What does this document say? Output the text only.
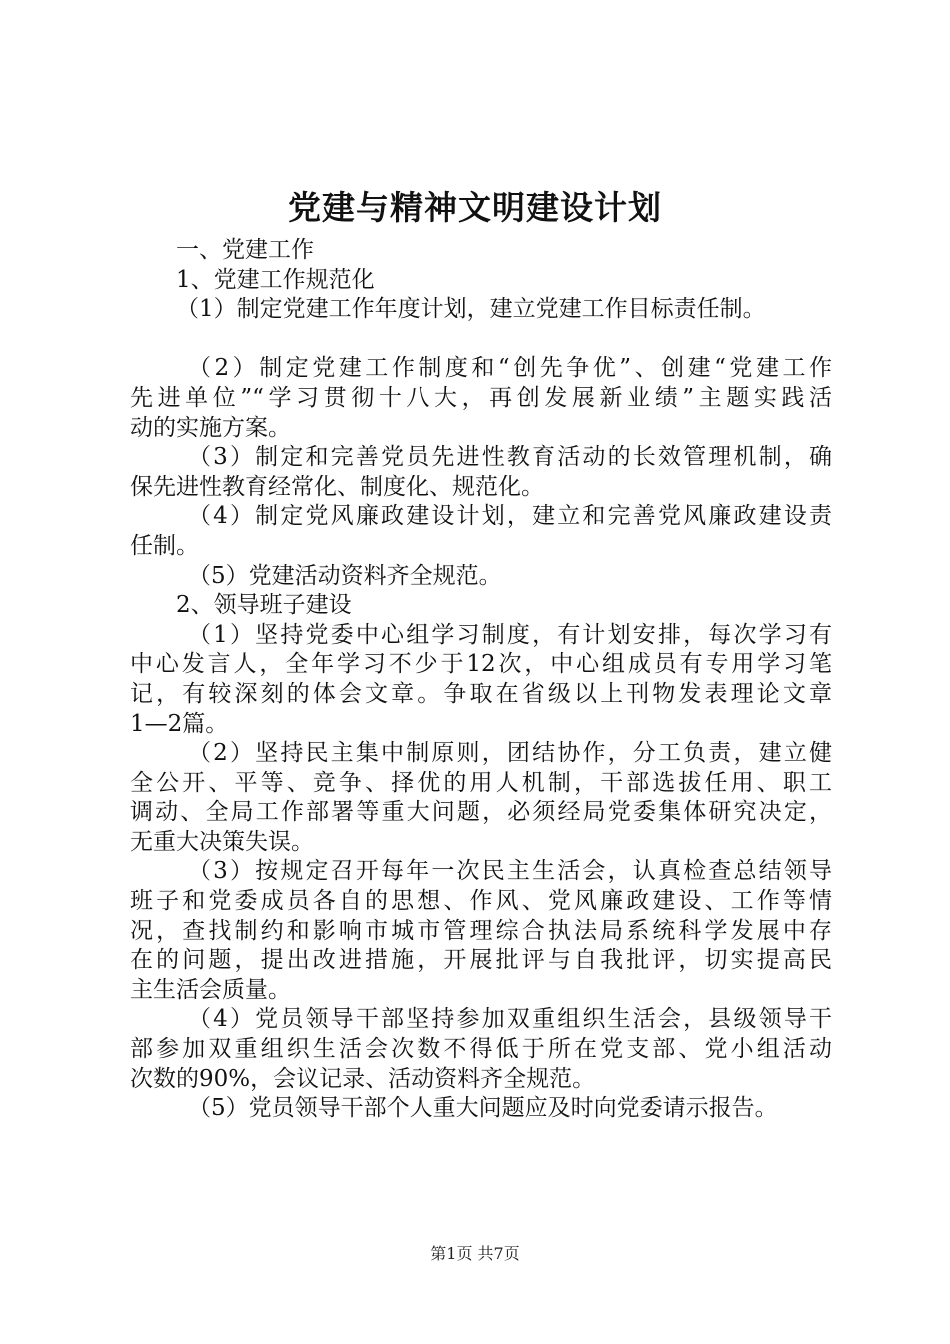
党建与精神文明建设计划
一、党建工作
1、党建工作规范化
（1）制定党建工作年度计划，建立党建工作目标责任制。
（2）制定党建工作制度和“创先争优”、创建“党建工作
先进单位”“学习贯彻十八大，再创发展新业绩”主题实践活
动的实施方案。
（3）制定和完善党员先进性教育活动的长效管理机制，确
保先进性教育经常化、制度化、规范化。
（4）制定党风廉政建设计划，建立和完善党风廉政建设责
任制。
（5）党建活动资料齐全规范。
2、领导班子建设
（1）坚持党委中心组学习制度，有计划安排，每次学习有
中心发言人，全年学习不少于12次，中心组成员有专用学习笔
记，有较深刻的体会文章。争取在省级以上刊物发表理论文章
1—2篇。
（2）坚持民主集中制原则，团结协作，分工负责，建立健
全公开、平等、竞争、择优的用人机制，干部选拔任用、职工
调动、全局工作部署等重大问题，必须经局党委集体研究决定，
无重大决策失误。
（3）按规定召开每年一次民主生活会，认真检查总结领导
班子和党委成员各自的思想、作风、党风廉政建设、工作等情
况，查找制约和影响市城市管理综合执法局系统科学发展中存
在的问题，提出改进措施，开展批评与自我批评，切实提高民
主生活会质量。
（4）党员领导干部坚持参加双重组织生活会，县级领导干
部参加双重组织生活会次数不得低于所在党支部、党小组活动
次数的90%，会议记录、活动资料齐全规范。
（5）党员领导干部个人重大问题应及时向党委请示报告。
第1页 共7页
